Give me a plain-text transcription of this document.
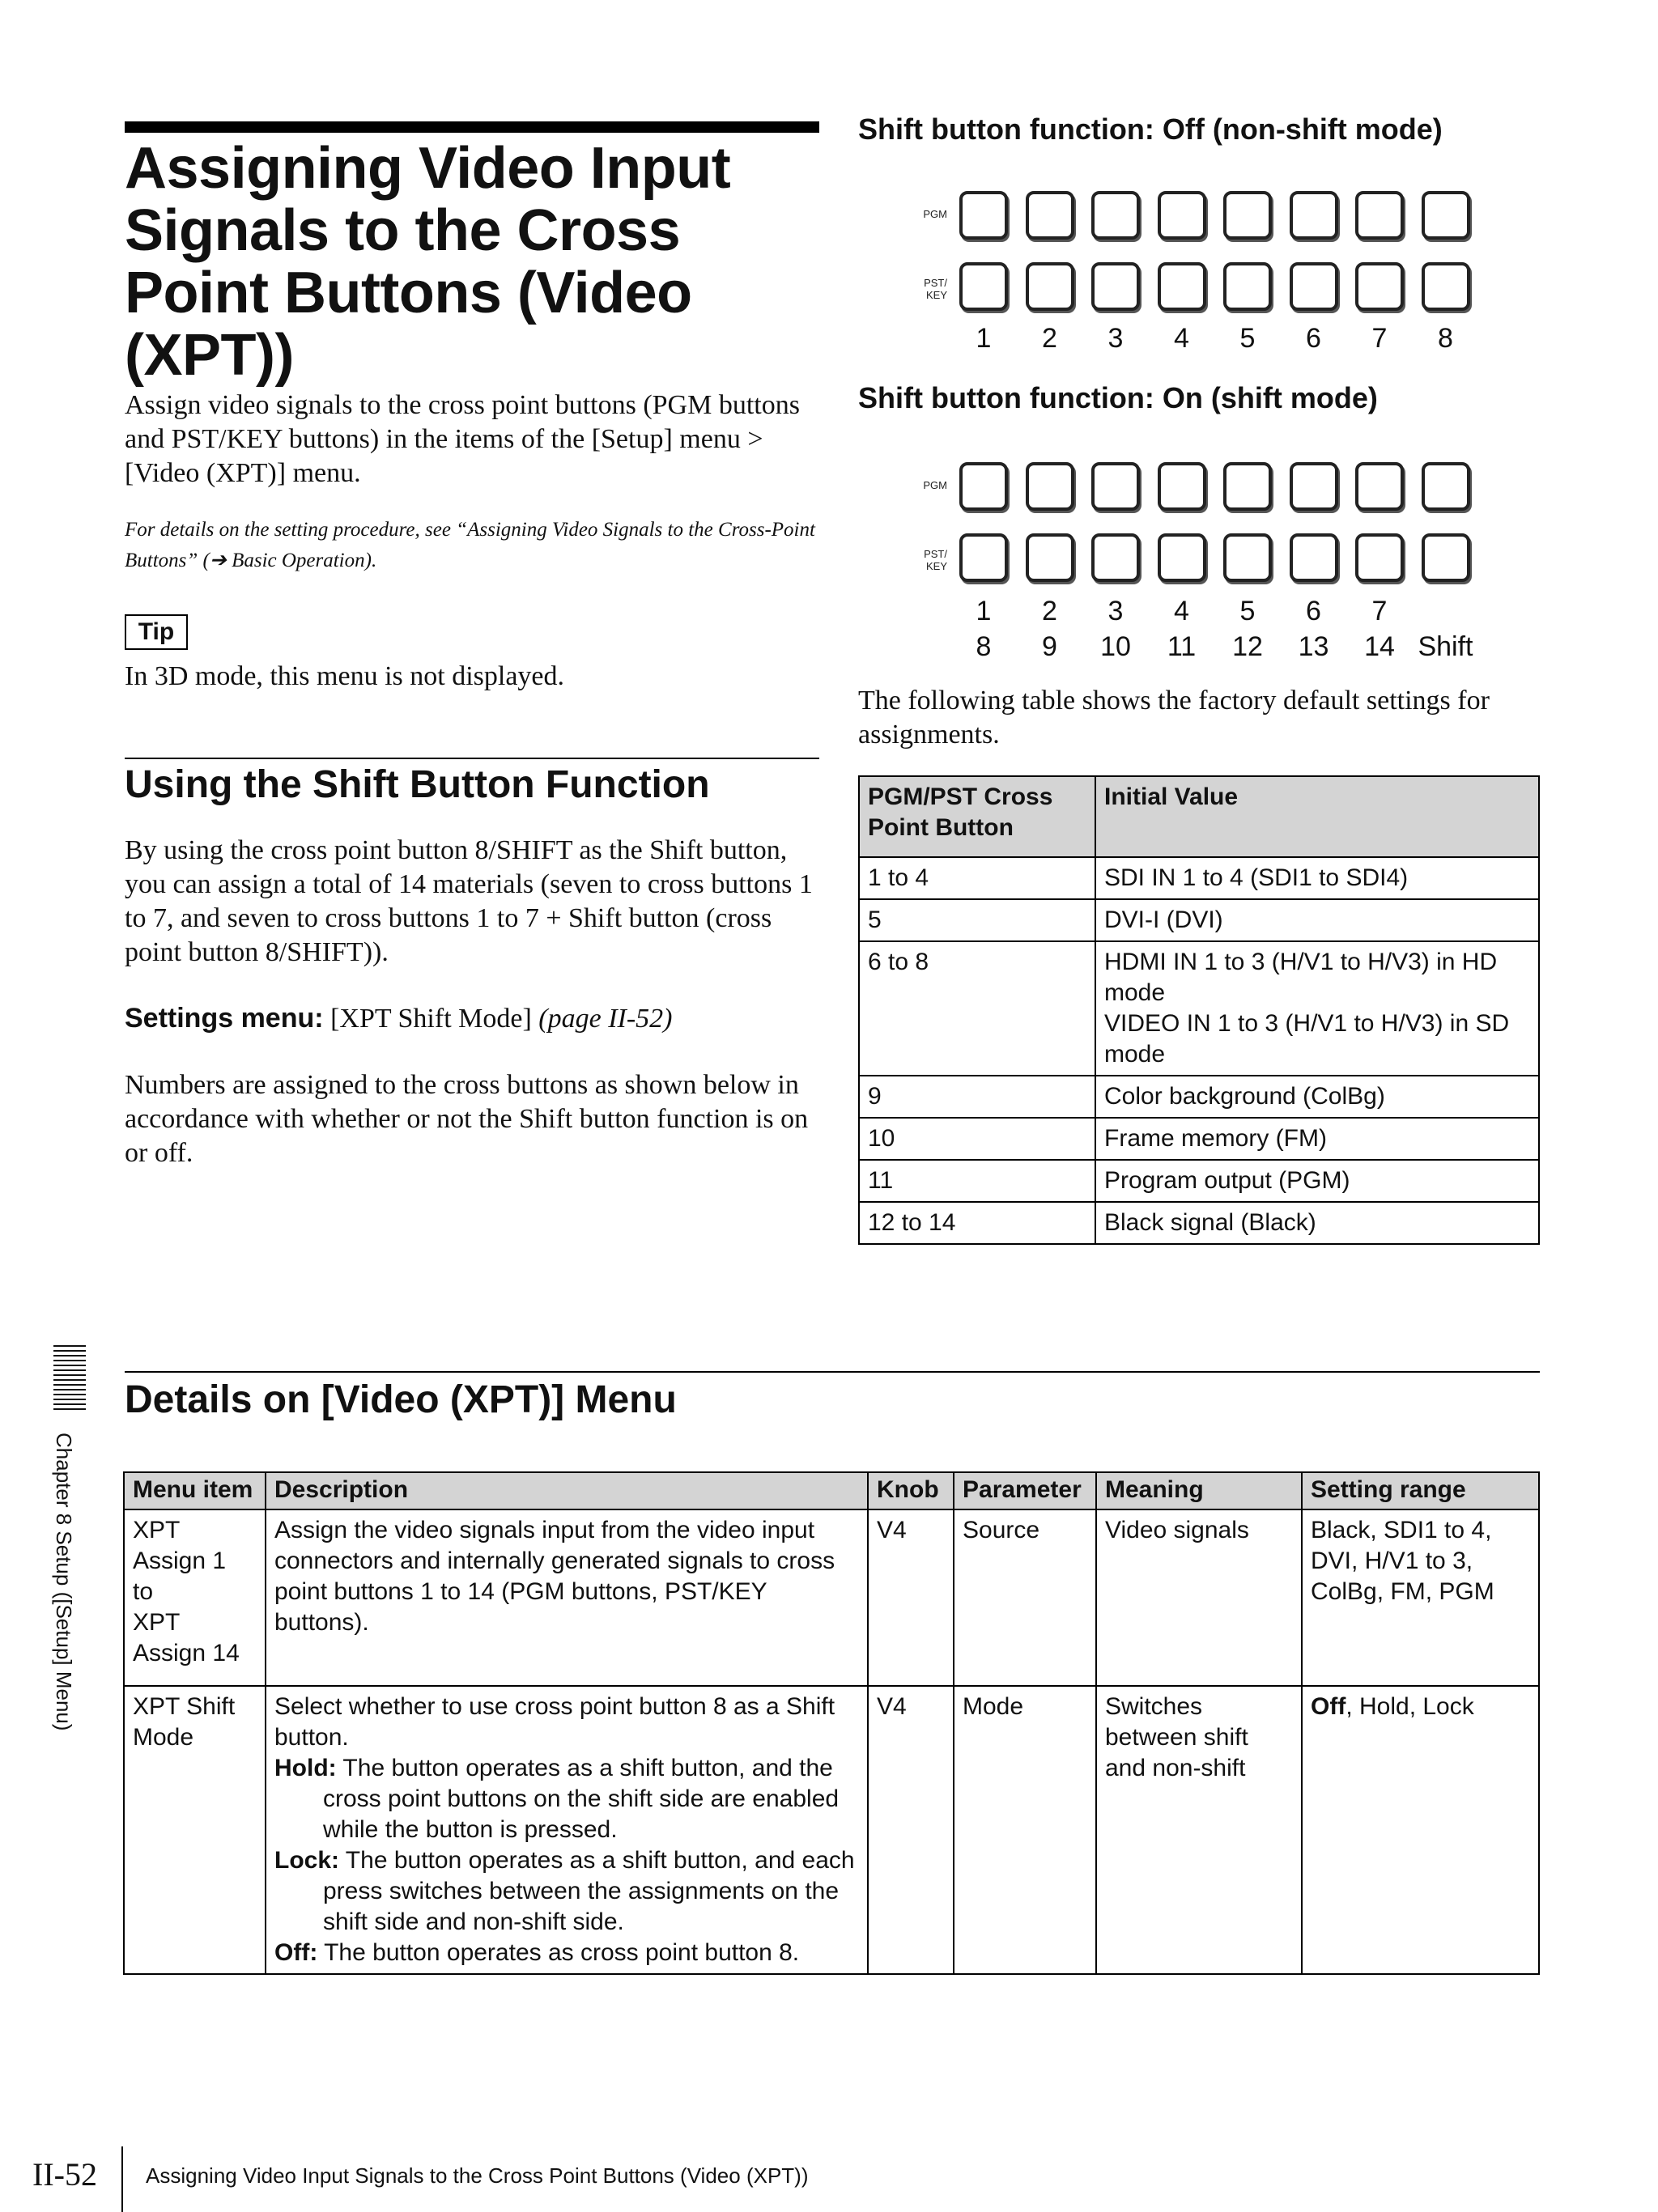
Assigning Video Input Signals to the Cross Point Buttons (Video (XPT))

Assign video signals to the cross point buttons (PGM buttons and PST/KEY buttons) in the items of the [Setup] menu > [Video (XPT)] menu.

For details on the setting procedure, see “Assigning Video Signals to the Cross-Point Buttons” (➔ Basic Operation).

Tip

In 3D mode, this menu is not displayed.

Using the Shift Button Function

By using the cross point button 8/SHIFT as the Shift button, you can assign a total of 14 materials (seven to cross buttons 1 to 7, and seven to cross buttons 1 to 7 + Shift button (cross point button 8/SHIFT)).

Settings menu: [XPT Shift Mode] (page II-52)

Numbers are assigned to the cross buttons as shown below in accordance with whether or not the Shift button function is on or off.

Shift button function: Off (non-shift mode)
PGM
PST/
KEY
1	2	3	4	5	6	7	8
Shift button function: On (shift mode)
PGM
PST/
KEY
1	2	3	4	5	6	7
8	9	10	11	12	13	14 Shift

The following table shows the factory default settings for assignments.

PGM/PST Cross Point Button	Initial Value
1 to 4	SDI IN 1 to 4 (SDI1 to SDI4)
5	DVI-I (DVI)
6 to 8	HDMI IN 1 to 3 (H/V1 to H/V3) in HD mode
VIDEO IN 1 to 3 (H/V1 to H/V3) in SD mode
9	Color background (ColBg)
10	Frame memory (FM)
11	Program output (PGM)
12 to 14	Black signal (Black)
Details on [Video (XPT)] Menu
Menu item	Description	Knob	Parameter	Meaning	Setting range
XPT
Assign 1
to
XPT
Assign 14	Assign the video signals input from the video input connectors and internally generated signals to cross point buttons 1 to 14 (PGM buttons, PST/KEY buttons).	V4	Source	Video signals	Black, SDI1 to 4, DVI, H/V1 to 3, ColBg, FM, PGM
XPT Shift Mode	Select whether to use cross point button 8 as a Shift button.

Hold: The button operates as a shift button, and the cross point buttons on the shift side are enabled while the button is pressed.

Lock: The button operates as a shift button, and each press switches between the assignments on the shift side and non-shift side.

Off: The button operates as cross point button 8.	V4	Mode	Switches between shift and non-shift	Off, Hold, Lock
Chapter 8 Setup ([Setup] Menu)
II-52 Assigning Video Input Signals to the Cross Point Buttons (Video (XPT))
